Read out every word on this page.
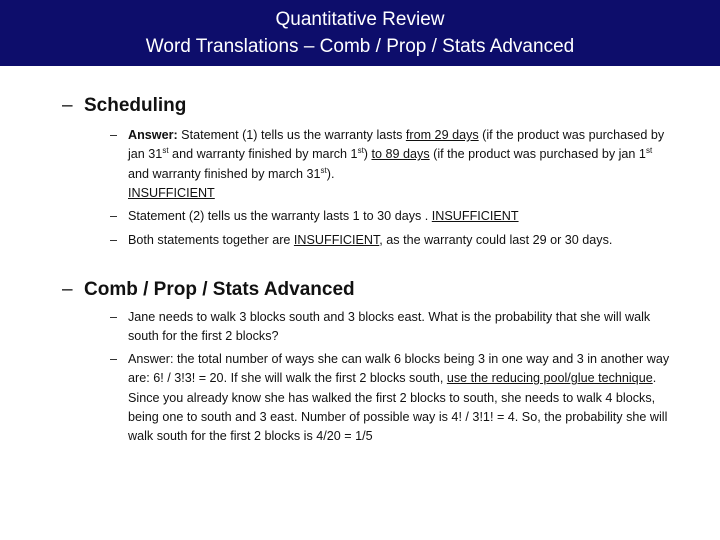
Quantitative Review
Word Translations – Comb / Prop / Stats Advanced
– Scheduling
– Answer: Statement (1) tells us the warranty lasts from 29 days (if the product was purchased by jan 31st and warranty finished by march 1st) to 89 days (if the product was purchased by jan 1st and warranty finished by march 31st).
INSUFFICIENT
– Statement (2) tells us the warranty lasts 1 to 30 days . INSUFFICIENT
– Both statements together are INSUFFICIENT, as the warranty could last 29 or 30 days.
– Comb / Prop / Stats Advanced
– Jane needs to walk 3 blocks south and 3 blocks east. What is the probability that she will walk south for the first 2 blocks?
– Answer: the total number of ways she can walk 6 blocks being 3 in one way and 3 in another way are: 6! / 3!3! = 20. If she will walk the first 2 blocks south, use the reducing pool/glue technique. Since you already know she has walked the first 2 blocks to south, she needs to walk 4 blocks, being one to south and 3 east. Number of possible way is 4! / 3!1! = 4. So, the probability she will walk south for the first 2 blocks is 4/20 = 1/5
